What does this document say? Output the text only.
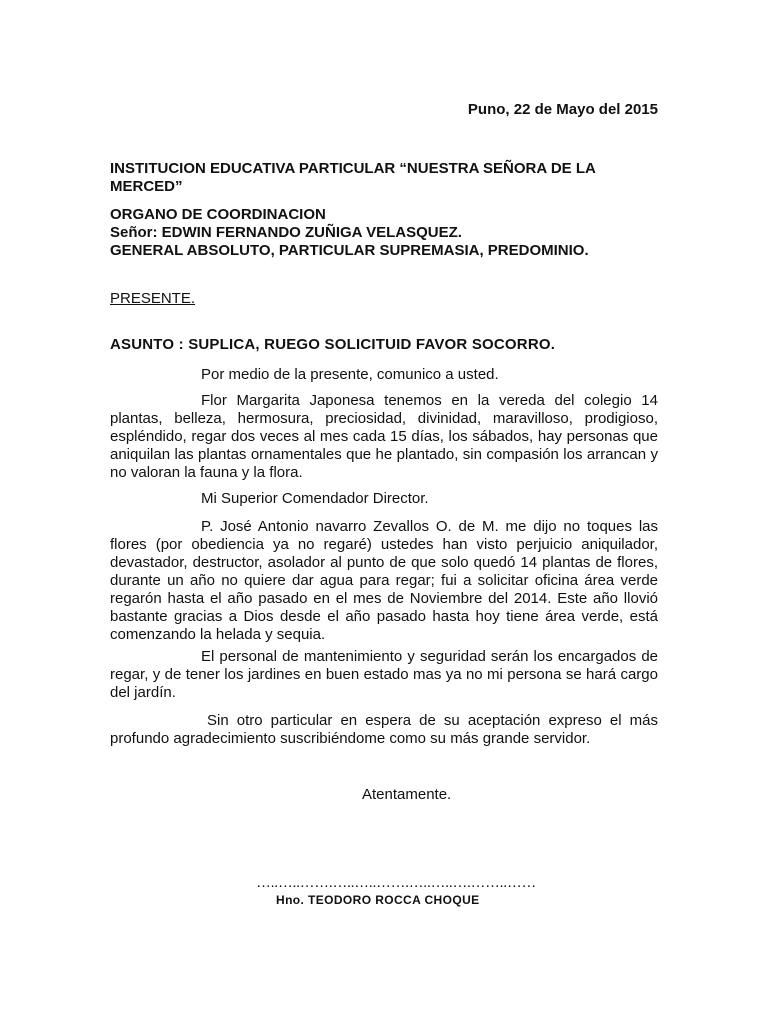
Puno, 22 de Mayo del 2015
INSTITUCION EDUCATIVA PARTICULAR “NUESTRA SEÑORA DE LA MERCED”
ORGANO DE COORDINACION
Señor: EDWIN FERNANDO ZUÑIGA VELASQUEZ.
GENERAL ABSOLUTO, PARTICULAR SUPREMASIA, PREDOMINIO.
PRESENTE.
ASUNTO : SUPLICA, RUEGO SOLICITUID FAVOR SOCORRO.

Por medio de la presente, comunico a usted.

Flor Margarita Japonesa tenemos en la vereda del colegio 14 plantas, belleza, hermosura, preciosidad, divinidad, maravilloso, prodigioso, espléndido, regar dos veces al mes cada 15 días, los sábados, hay personas que aniquilan las plantas ornamentales que he plantado, sin compasión los arrancan y no valoran la fauna y la flora.

Mi Superior Comendador Director.

P. José Antonio navarro Zevallos O. de M. me dijo no toques las flores (por obediencia ya no regaré) ustedes han visto perjuicio aniquilador, devastador, destructor, asolador al punto de que solo quedó 14 plantas de flores, durante un año no quiere dar agua para regar; fui a solicitar oficina área verde regarón hasta el año pasado en el mes de Noviembre del 2014. Este año llovió bastante gracias a Dios desde el año pasado hasta hoy tiene área verde, está comenzando la helada y sequia.

El personal de mantenimiento y seguridad serán los encargados de regar, y de tener los jardines en buen estado mas ya no mi persona se hará cargo del jardín.

Sin otro particular en espera de su aceptación expreso el más profundo agradecimiento suscribiéndome como su más grande servidor.

Atentamente.
…..…..…….…..…..…….…..…..….……..……
Hno. TEODORO ROCCA CHOQUE
